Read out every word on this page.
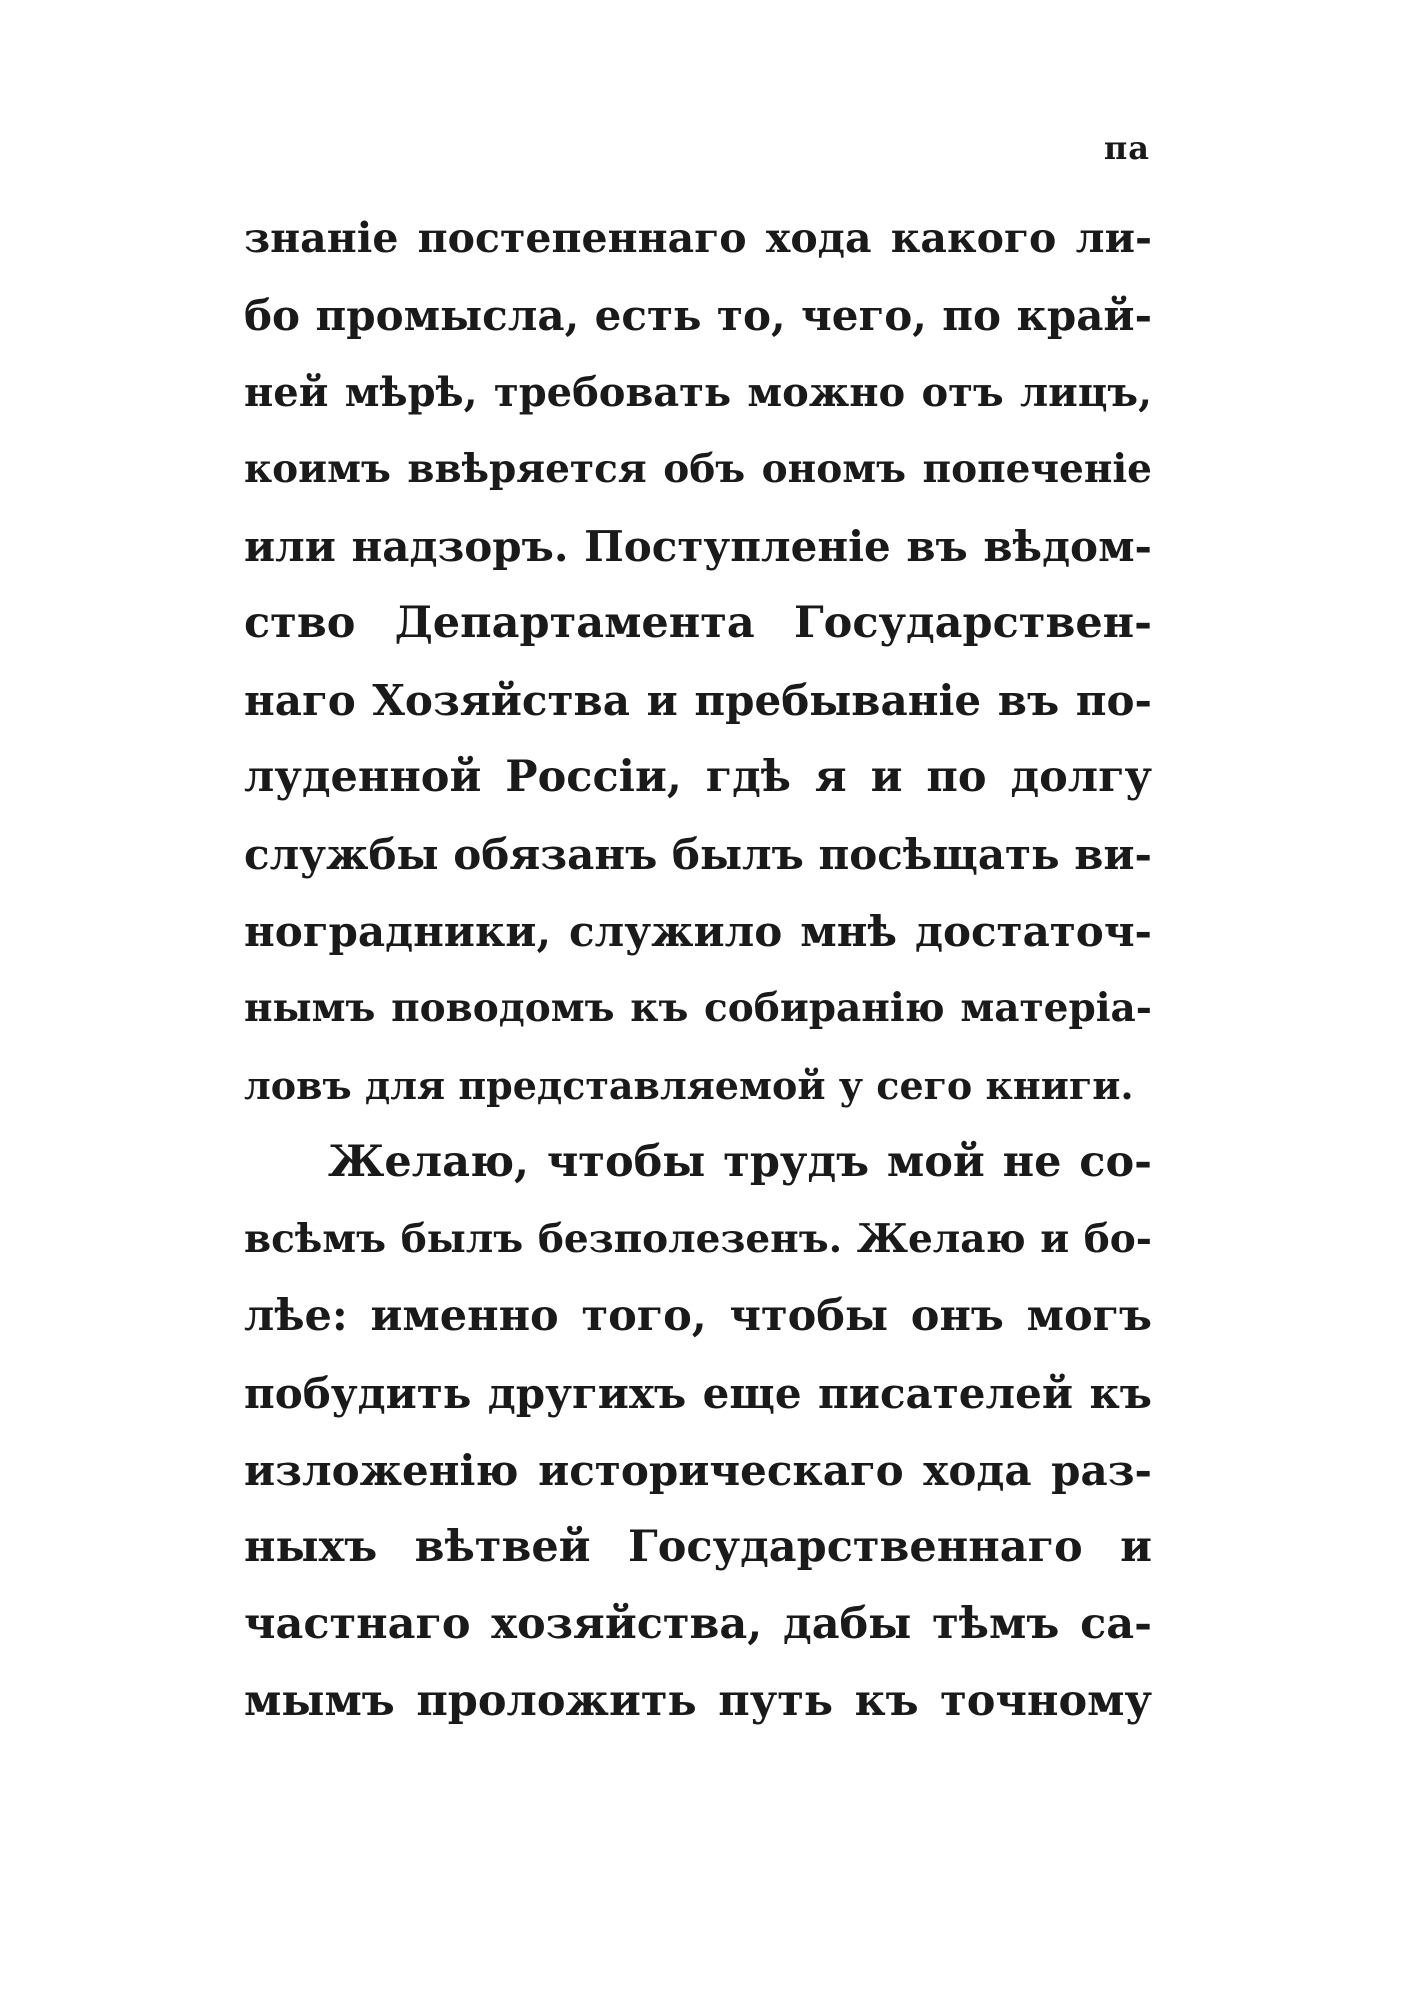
па
знаніе постепеннаго хода какого ли-
бо промысла, есть то, чего, по край-
ней мѣрѣ, требовать можно отъ лицъ,
коимъ ввѣряется объ ономъ попеченіе
или надзоръ. Поступленіе въ вѣдом-
ство Департамента Государствен-
наго Хозяйства и пребываніе въ по-
луденной Россіи, гдѣ я и по долгу
службы обязанъ былъ посѣщать ви-
ноградники, служило мнѣ достаточ-
нымъ поводомъ къ собиранію матеріа-
ловъ для представляемой у сего книги.
Желаю, чтобы трудъ мой не со-
всѣмъ былъ безполезенъ. Желаю и бо-
лѣе: именно того, чтобы онъ могъ
побудить другихъ еще писателей къ
изложенію историческаго хода раз-
ныхъ вѣтвей Государственнаго и
частнаго хозяйства, дабы тѣмъ са-
мымъ проложить путь къ точному
